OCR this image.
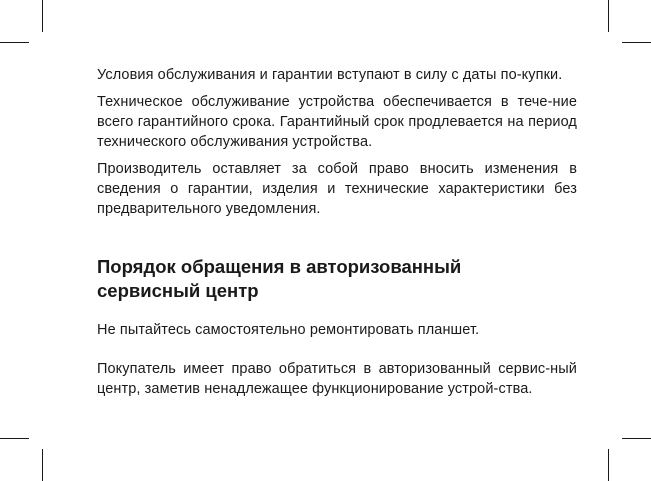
Условия обслуживания и гарантии вступают в силу с даты по-купки.

Техническое обслуживание устройства обеспечивается в тече-ние всего гарантийного срока. Гарантийный срок продлевается на период технического обслуживания устройства.

Производитель оставляет за собой право вносить изменения в сведения о гарантии, изделия и технические характеристики без предварительного уведомления.

Порядок обращения в авторизованный
сервисный центр

Не пытайтесь самостоятельно ремонтировать планшет.

Покупатель имеет право обратиться в авторизованный сервис-ный центр, заметив ненадлежащее функционирование устрой-ства.
